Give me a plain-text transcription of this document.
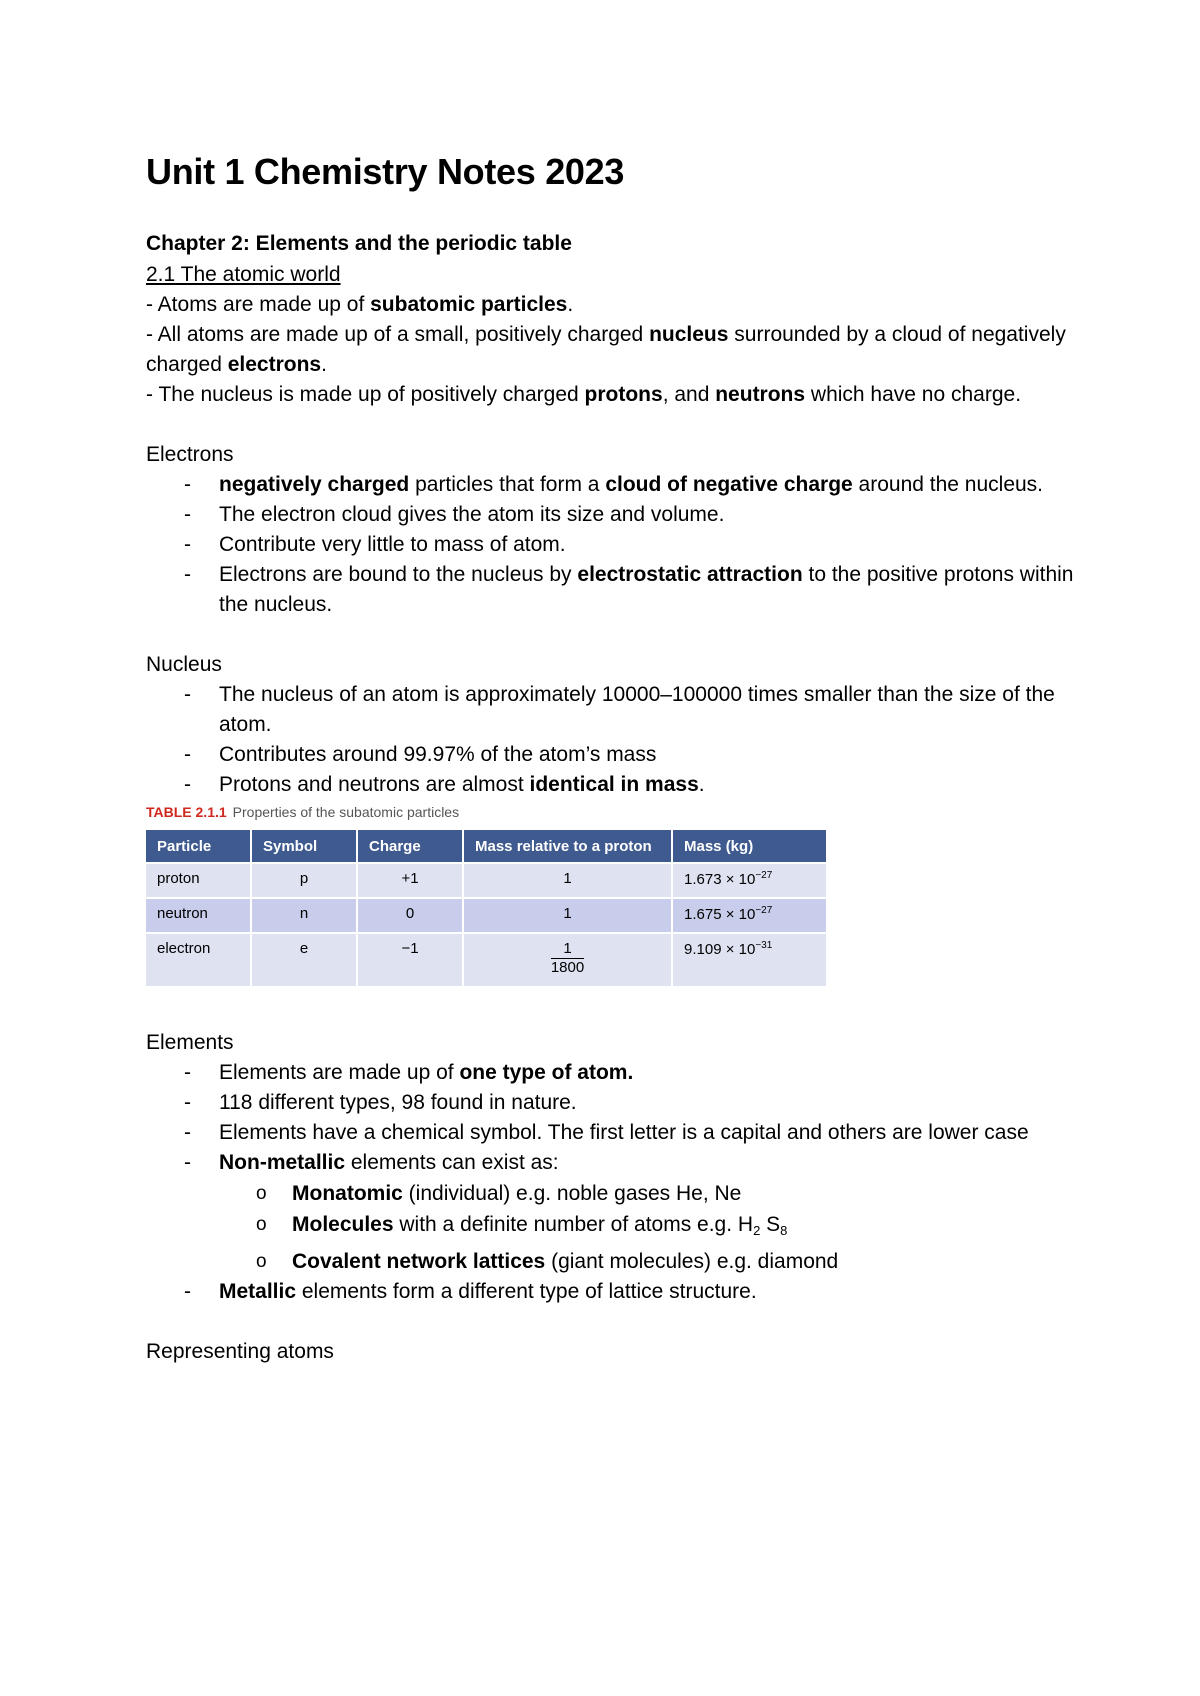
Unit 1 Chemistry Notes 2023
Chapter 2: Elements and the periodic table

2.1 The atomic world

- Atoms are made up of subatomic particles.

- All atoms are made up of a small, positively charged nucleus surrounded by a cloud of negatively charged electrons.

- The nucleus is made up of positively charged protons, and neutrons which have no charge.

Electrons

- negatively charged particles that form a cloud of negative charge around the nucleus.
- The electron cloud gives the atom its size and volume.
- Contribute very little to mass of atom.
- Electrons are bound to the nucleus by electrostatic attraction to the positive protons within the nucleus.

Nucleus

- The nucleus of an atom is approximately 10000–100000 times smaller than the size of the atom.
- Contributes around 99.97% of the atom’s mass
- Protons and neutrons are almost identical in mass.
TABLE 2.1.1 Properties of the subatomic particles
Particle	Symbol	Charge	Mass relative to a proton	Mass (kg)
proton	p	+1	1	$1.673 \times 10^{-27}$
neutron	n	0	1	$1.675 \times 10^{-27}$
electron	e	−1	$\frac{1}{1800}$	$9.109 \times 10^{-31}$

Elements

- Elements are made up of one type of atom.
- 118 different types, 98 found in nature.
- Elements have a chemical symbol. The first letter is a capital and others are lower case
- Non-metallic elements can exist as:
o Monatomic (individual) e.g. noble gases He, Ne
o Molecules with a definite number of atoms e.g. $H_2$ $S_8$
o Covalent network lattices (giant molecules) e.g. diamond
- Metallic elements form a different type of lattice structure.

Representing atoms
